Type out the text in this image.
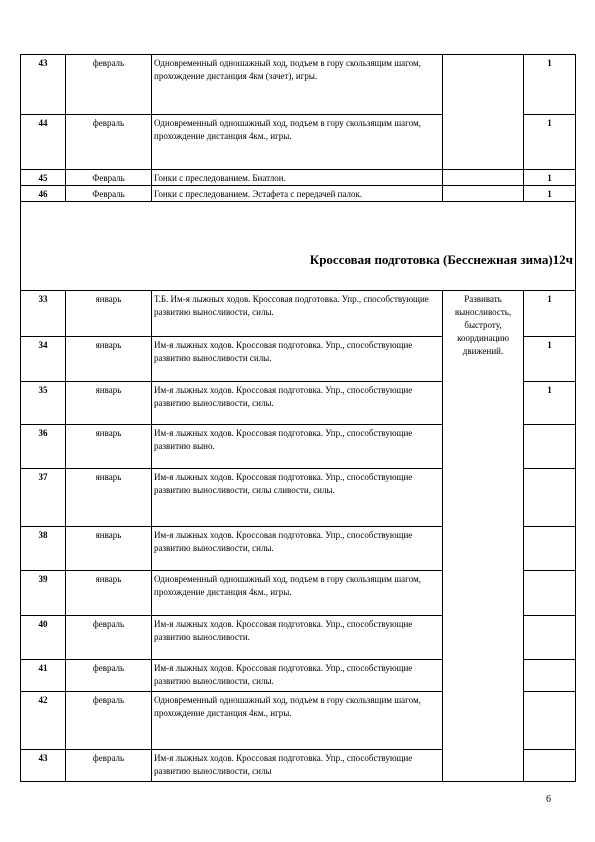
43	февраль	Одновременный одношажный ход, подъем в гору скользящим шагом, прохождение дистанция 4км (зачет), игры.		1
44	февраль	Одновременный одношажный ход, подъем в гору скользящим шагом, прохождение дистанция 4км., игры.		1
45	Февраль	Гонки с преследованием. Биатлон.		1
46	Февраль	Гонки с преследованием. Эстафета с передачей палок.		1
Кроссовая подготовка (Бесснежная зима)12ч				
33	январь	Т.Б. Им-я лыжных ходов. Кроссовая подготовка. Упр., способствующие развитию выносливости, силы.	Развивать выносливость, быстроту, координацию движений.	1
34	январь	Им-я лыжных ходов. Кроссовая подготовка. Упр., способствующие развитию выносливости силы.		1
35	январь	Им-я лыжных ходов. Кроссовая подготовка. Упр., способствующие развитию выносливости, силы.		1
36	январь	Им-я лыжных ходов. Кроссовая подготовка. Упр., способствующие развитию выно.		
37	январь	Им-я лыжных ходов. Кроссовая подготовка. Упр., способствующие развитию выносливости, силы сливости, силы.		
38	январь	Им-я лыжных ходов. Кроссовая подготовка. Упр., способствующие развитию выносливости, силы.		
39	январь	Одновременный одношажный ход, подъем в гору скользящим шагом, прохождение дистанция 4км., игры.		
40	февраль	Им-я лыжных ходов. Кроссовая подготовка. Упр., способствующие развитию выносливости.		
41	февраль	Им-я лыжных ходов. Кроссовая подготовка. Упр., способствующие развитию выносливости, силы.		
42	февраль	Одновременный одношажный ход, подъем в гору скользящим шагом, прохождение дистанция 4км., игры.		
43	февраль	Им-я лыжных ходов. Кроссовая подготовка. Упр., способствующие развитию выносливости, силы		
6
